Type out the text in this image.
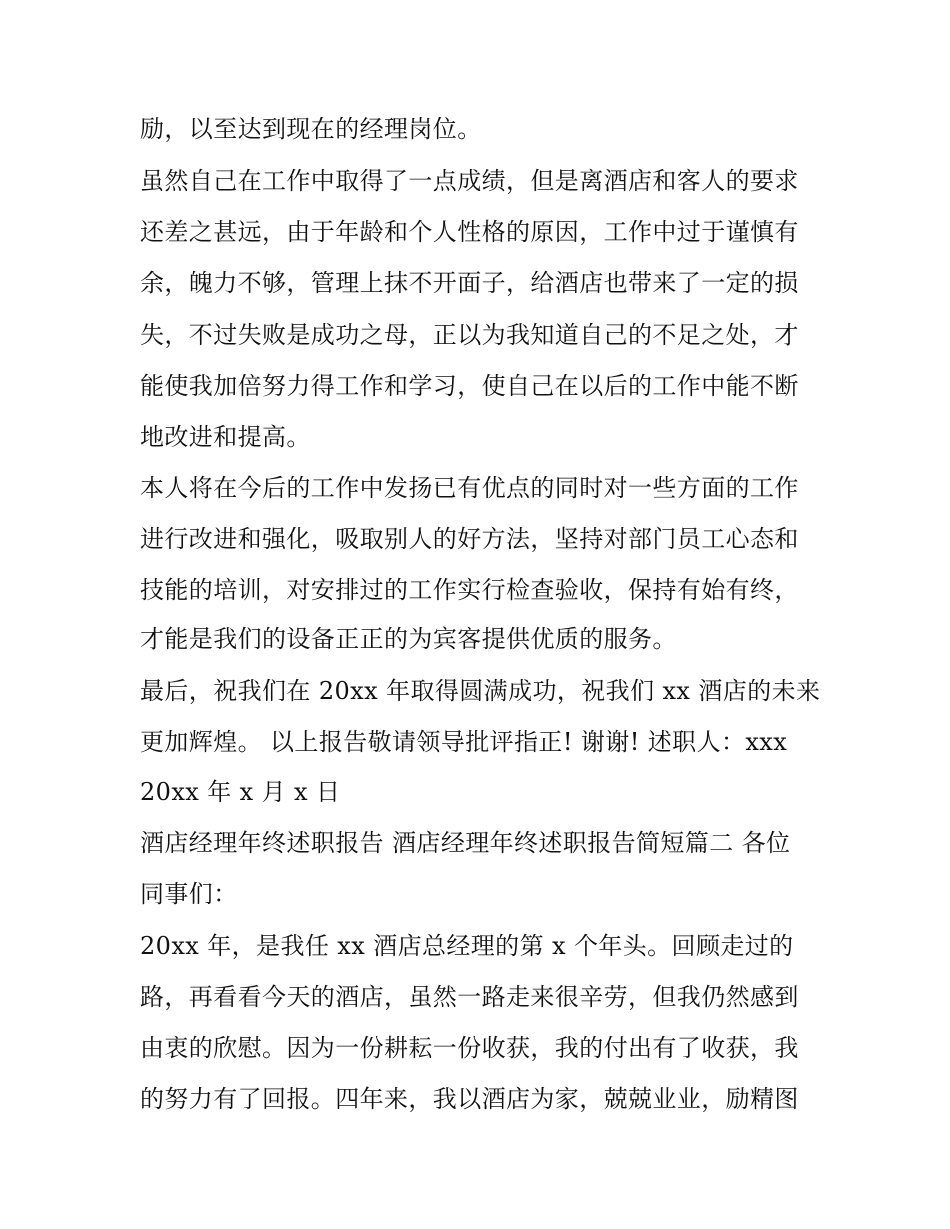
励，以至达到现在的经理岗位。
虽然自己在工作中取得了一点成绩，但是离酒店和客人的要求
还差之甚远，由于年龄和个人性格的原因，工作中过于谨慎有
余，魄力不够，管理上抹不开面子，给酒店也带来了一定的损
失，不过失败是成功之母，正以为我知道自己的不足之处，才
能使我加倍努力得工作和学习，使自己在以后的工作中能不断
地改进和提高。
本人将在今后的工作中发扬已有优点的同时对一些方面的工作
进行改进和强化，吸取别人的好方法，坚持对部门员工心态和
技能的培训，对安排过的工作实行检查验收，保持有始有终，
才能是我们的设备正正的为宾客提供优质的服务。
最后，祝我们在 20xx 年取得圆满成功，祝我们 xx 酒店的未来
更加辉煌。 以上报告敬请领导批评指正! 谢谢! 述职人：xxx
20xx 年 x 月 x 日
酒店经理年终述职报告 酒店经理年终述职报告简短篇二 各位
同事们：
20xx 年，是我任 xx 酒店总经理的第 x 个年头。回顾走过的
路，再看看今天的酒店，虽然一路走来很辛劳，但我仍然感到
由衷的欣慰。因为一份耕耘一份收获，我的付出有了收获，我
的努力有了回报。四年来，我以酒店为家，兢兢业业，励精图
